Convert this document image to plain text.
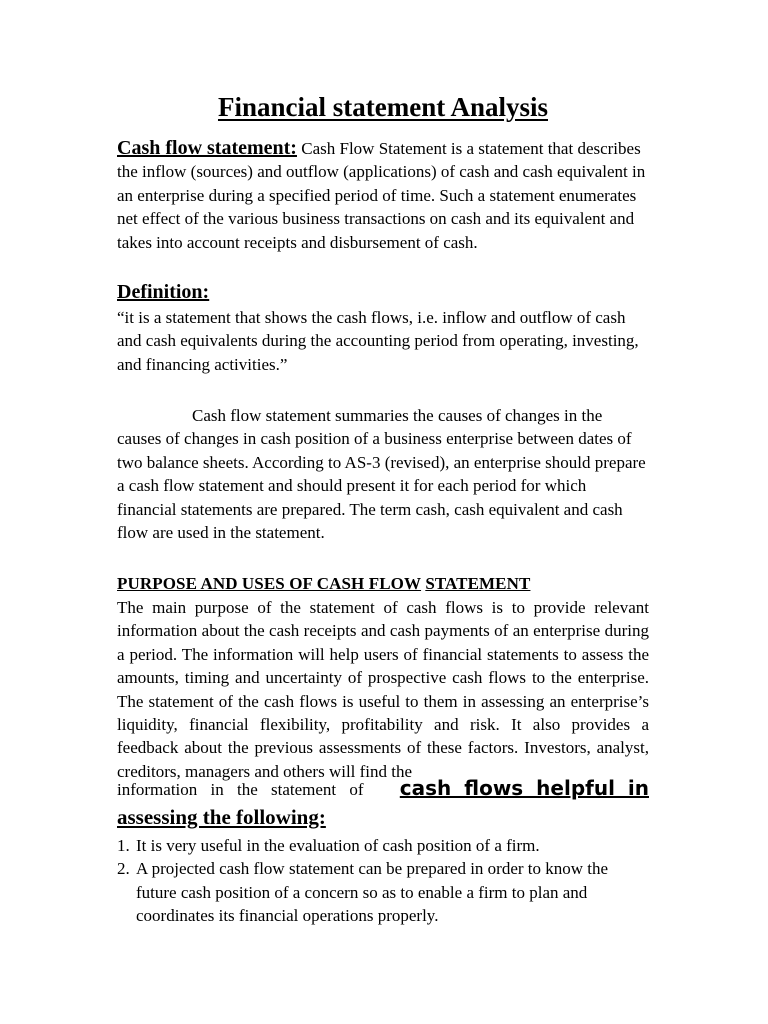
Financial statement Analysis

Cash flow statement: Cash Flow Statement is a statement that describes the inflow (sources) and outflow (applications) of cash and cash equivalent in an enterprise during a specified period of time. Such a statement enumerates net effect of the various business transactions on cash and its equivalent and takes into account receipts and disbursement of cash.

Definition:

“it is a statement that shows the cash flows, i.e. inflow and outflow of cash and cash equivalents during the accounting period from operating, investing, and financing activities.”

Cash flow statement summaries the causes of changes in the causes of changes in cash position of a business enterprise between dates of two balance sheets. According to AS-3 (revised), an enterprise should prepare a cash flow statement and should present it for each period for which financial statements are prepared. The term cash, cash equivalent and cash flow are used in the statement.

PURPOSE AND USES OF CASH FLOW STATEMENT

The main purpose of the statement of cash flows is to provide relevant information about the cash receipts and cash payments of an enterprise during a period. The information will help users of financial statements to assess the amounts, timing and uncertainty of prospective cash flows to the enterprise. The statement of the cash flows is useful to them in assessing an enterprise’s liquidity, financial flexibility, profitability and risk. It also provides a feedback about the previous assessments of these factors. Investors, analyst, creditors, managers and others will find the

information in the statement of cash flows helpful in
assessing the following:
1. It is very useful in the evaluation of cash position of a firm.
2. A projected cash flow statement can be prepared in order to know the future cash position of a concern so as to enable a firm to plan and coordinates its financial operations properly.
